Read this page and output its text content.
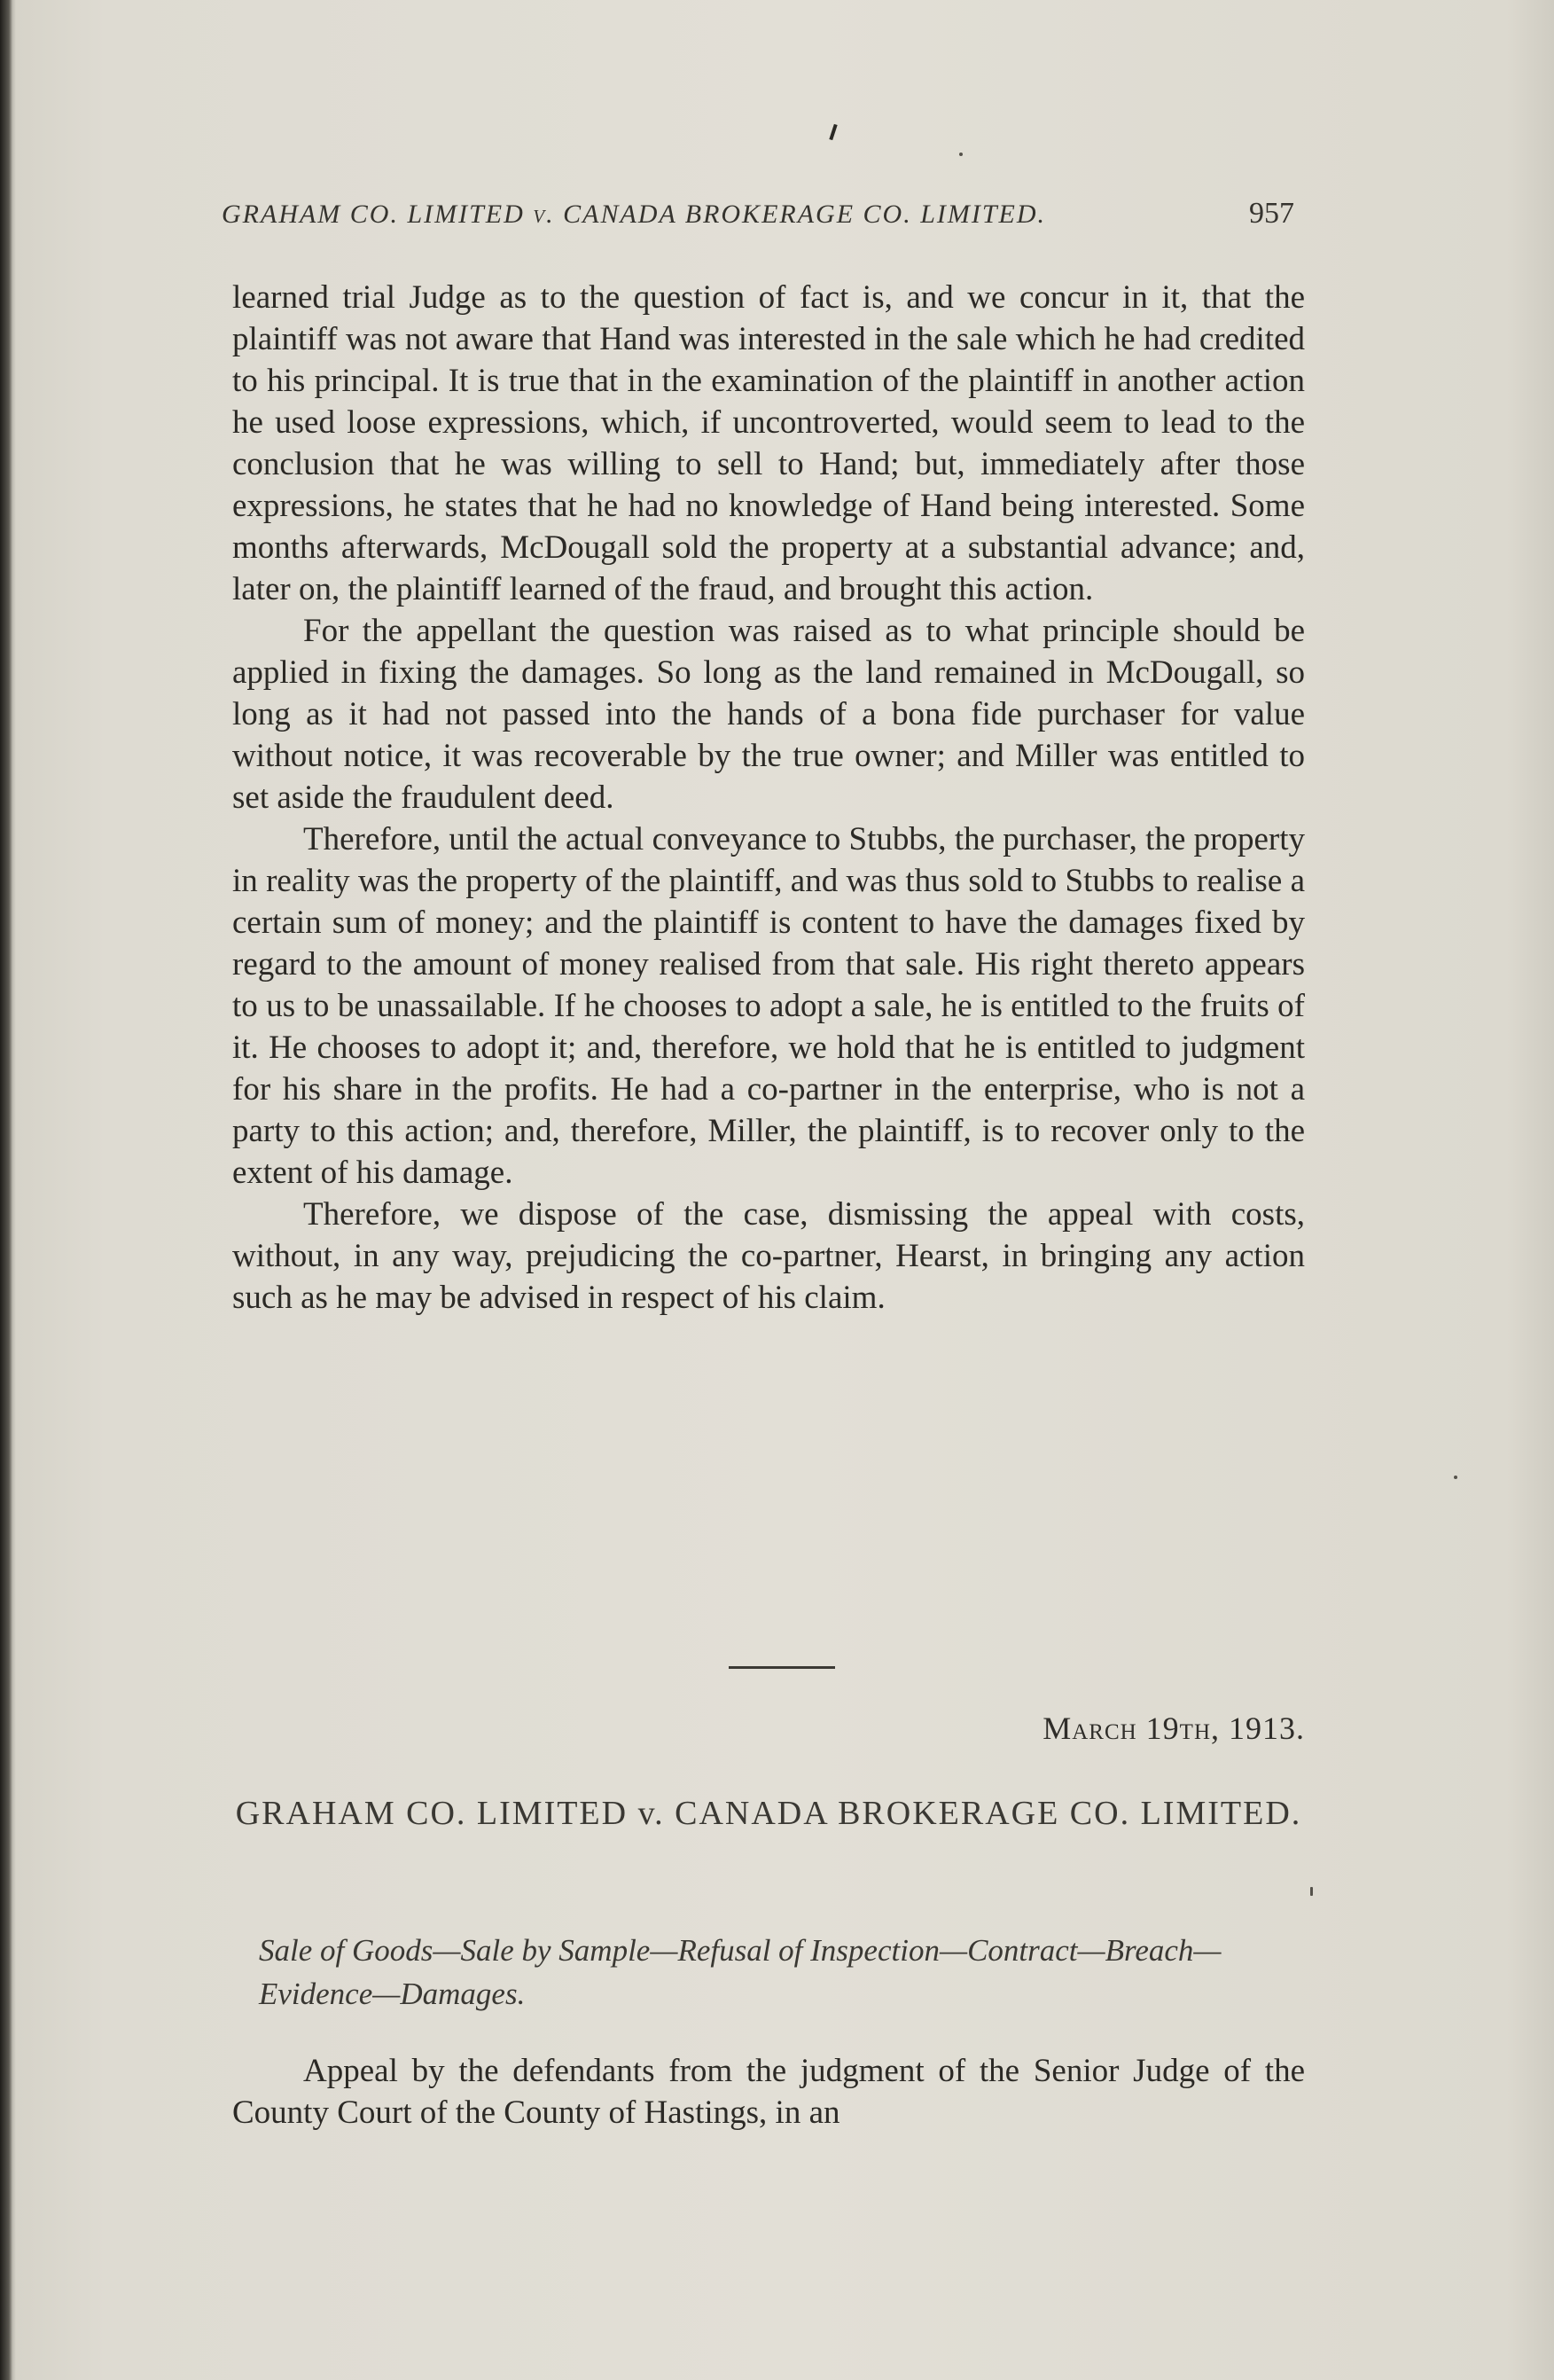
GRAHAM CO. LIMITED v. CANADA BROKERAGE CO. LIMITED.	957

learned trial Judge as to the question of fact is, and we concur in it, that the plaintiff was not aware that Hand was interested in the sale which he had credited to his principal. It is true that in the examination of the plaintiff in another action he used loose expressions, which, if uncontroverted, would seem to lead to the conclusion that he was willing to sell to Hand; but, immediately after those expressions, he states that he had no knowledge of Hand being interested. Some months afterwards, McDougall sold the property at a substantial advance; and, later on, the plaintiff learned of the fraud, and brought this action.

For the appellant the question was raised as to what principle should be applied in fixing the damages. So long as the land remained in McDougall, so long as it had not passed into the hands of a bona fide purchaser for value without notice, it was recoverable by the true owner; and Miller was entitled to set aside the fraudulent deed.

Therefore, until the actual conveyance to Stubbs, the purchaser, the property in reality was the property of the plaintiff, and was thus sold to Stubbs to realise a certain sum of money; and the plaintiff is content to have the damages fixed by regard to the amount of money realised from that sale. His right thereto appears to us to be unassailable. If he chooses to adopt a sale, he is entitled to the fruits of it. He chooses to adopt it; and, therefore, we hold that he is entitled to judgment for his share in the profits. He had a co-partner in the enterprise, who is not a party to this action; and, therefore, Miller, the plaintiff, is to recover only to the extent of his damage.

Therefore, we dispose of the case, dismissing the appeal with costs, without, in any way, prejudicing the co-partner, Hearst, in bringing any action such as he may be advised in respect of his claim.

March 19th, 1913.
GRAHAM CO. LIMITED v. CANADA BROKERAGE CO. LIMITED.
Sale of Goods—Sale by Sample—Refusal of Inspection—Contract—Breach—Evidence—Damages.

Appeal by the defendants from the judgment of the Senior Judge of the County Court of the County of Hastings, in an
